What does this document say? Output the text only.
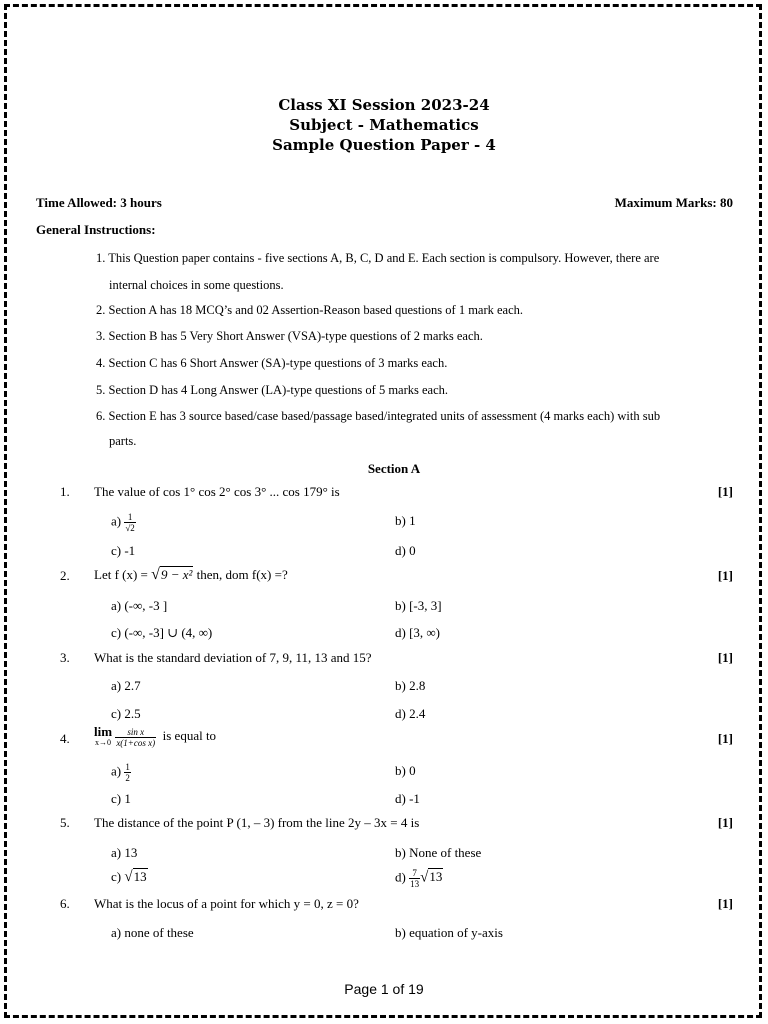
Class XI Session 2023-24
Subject - Mathematics
Sample Question Paper - 4
Time Allowed: 3 hours	Maximum Marks: 80
General Instructions:
1. This Question paper contains - five sections A, B, C, D and E. Each section is compulsory. However, there are
internal choices in some questions.
2. Section A has 18 MCQ’s and 02 Assertion-Reason based questions of 1 mark each.
3. Section B has 5 Very Short Answer (VSA)-type questions of 2 marks each.
4. Section C has 6 Short Answer (SA)-type questions of 3 marks each.
5. Section D has 4 Long Answer (LA)-type questions of 5 marks each.
6. Section E has 3 source based/case based/passage based/integrated units of assessment (4 marks each) with sub
parts.
Section A
1. The value of cos 1° cos 2° cos 3° ... cos 179° is	[1]
$a) \frac{1}{√2}$	b) 1
c) -1	d) 0
2. Let f (x) = √9 − x² then, dom f(x) =?	[1]
a) (-∞, -3 ]	b) [-3, 3]
c) (-∞, -3] ∪ (4, ∞)	d) [3, ∞)
3. What is the standard deviation of 7, 9, 11, 13 and 15?	[1]
a) 2.7	b) 2.8
c) 2.5	d) 2.4
4. lim
x→0
$\frac{\text{sin x}}{\text{x(1+cos x)}}$ is equal to	[1]
$a) \frac{1}{2}$	b) 0
c) 1	d) -1
5. The distance of the point P (1, – 3) from the line 2y – 3x = 4 is	[1]
a) 13	b) None of these
c) √13	$d) \frac{7}{13} √13$
6. What is the locus of a point for which y = 0, z = 0?	[1]
a) none of these	b) equation of y-axis
Page 1 of 19
